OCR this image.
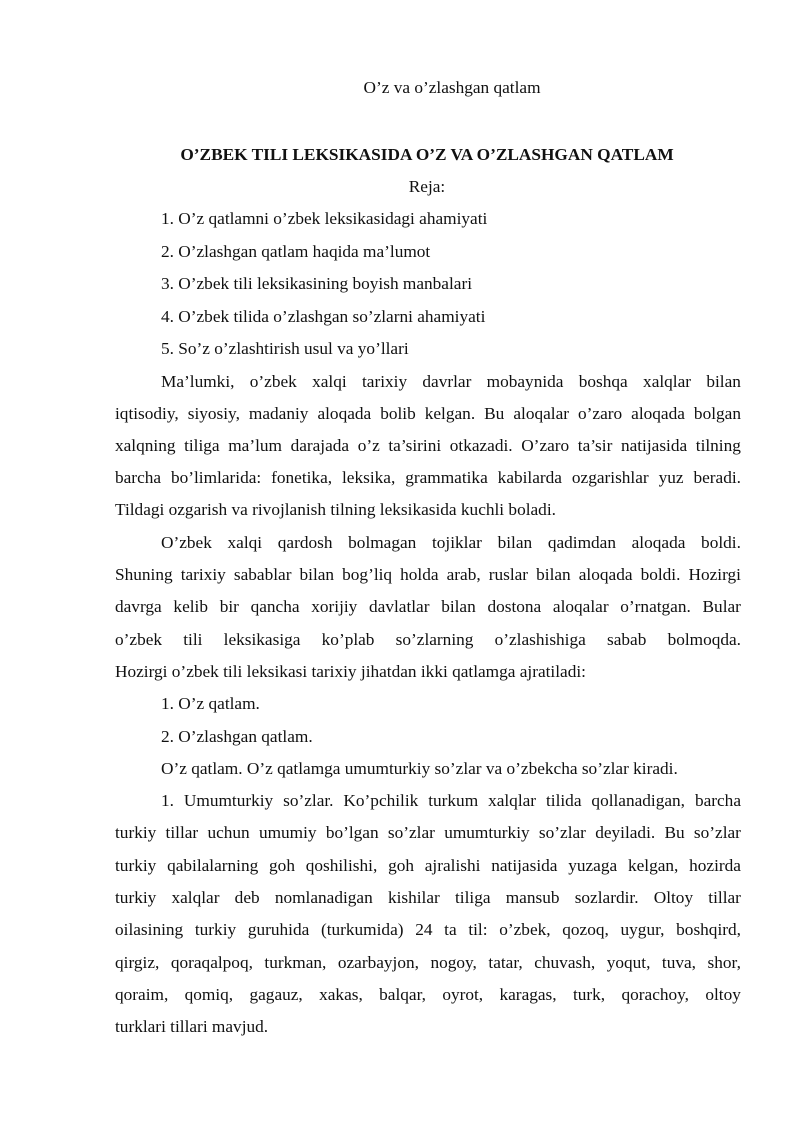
O’z va o’zlashgan qatlam
O’ZBEK TILI LEKSIKASIDA O’Z VA O’ZLASHGAN QATLAM
Reja:
1. O’z qatlamni o’zbek leksikasidagi ahamiyati
2. O’zlashgan qatlam haqida ma’lumot
3. O’zbek tili leksikasining boyish manbalari
4. O’zbek tilida o’zlashgan so’zlarni ahamiyati
5. So’z o’zlashtirish usul va yo’llari
Ma’lumki, o’zbek xalqi tarixiy davrlar mobaynida boshqa xalqlar bilan
iqtisodiy, siyosiy, madaniy aloqada bolib kelgan. Bu aloqalar o’zaro aloqada bolgan
xalqning tiliga ma’lum darajada o’z ta’sirini otkazadi. O’zaro ta’sir natijasida tilning
barcha bo’limlarida: fonetika, leksika, grammatika kabilarda ozgarishlar yuz beradi.
Tildagi ozgarish va rivojlanish tilning leksikasida kuchli boladi.
O’zbek xalqi qardosh bolmagan tojiklar bilan qadimdan aloqada boldi.
Shuning tarixiy sabablar bilan bog’liq holda arab, ruslar bilan aloqada boldi. Hozirgi
davrga kelib bir qancha xorijiy davlatlar bilan dostona aloqalar o’rnatgan. Bular
o’zbek tili leksikasiga ko’plab so’zlarning o’zlashishiga sabab bolmoqda.
Hozirgi o’zbek tili leksikasi tarixiy jihatdan ikki qatlamga ajratiladi:
1. O’z qatlam.
2. O’zlashgan qatlam.
O’z qatlam. O’z qatlamga umumturkiy so’zlar va o’zbekcha so’zlar kiradi.
1. Umumturkiy so’zlar. Ko’pchilik turkum xalqlar tilida qollanadigan, barcha
turkiy tillar uchun umumiy bo’lgan so’zlar umumturkiy so’zlar deyiladi. Bu so’zlar
turkiy qabilalarning goh qoshilishi, goh ajralishi natijasida yuzaga kelgan, hozirda
turkiy xalqlar deb nomlanadigan kishilar tiliga mansub sozlardir. Oltoy tillar
oilasining turkiy guruhida (turkumida) 24 ta til: o’zbek, qozoq, uygur, boshqird,
qirgiz, qoraqalpoq, turkman, ozarbayjon, nogoy, tatar, chuvash, yoqut, tuva, shor,
qoraim, qomiq, gagauz, xakas, balqar, oyrot, karagas, turk, qorachoy, oltoy
turklari tillari mavjud.
